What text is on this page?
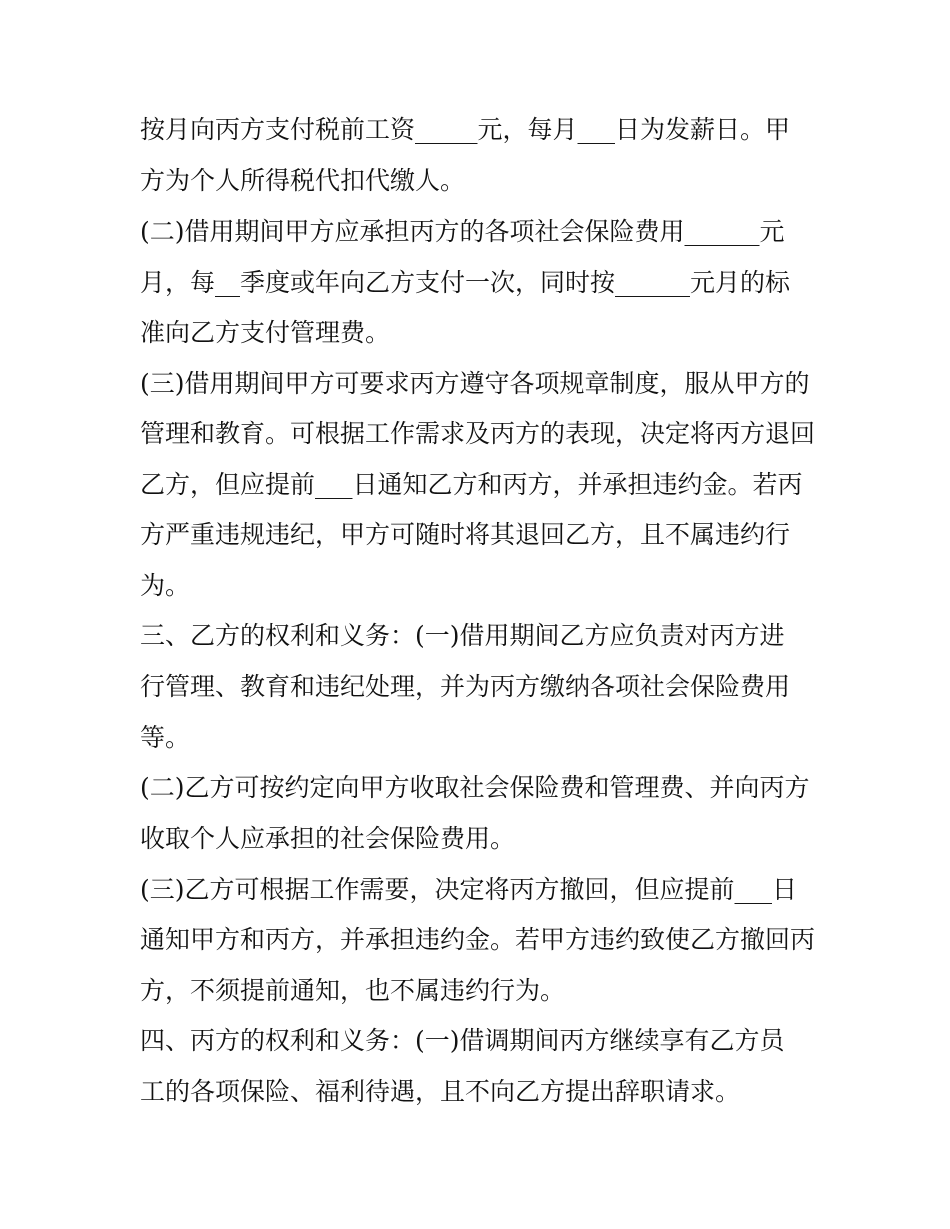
按月向丙方支付税前工资_____元，每月___日为发薪日。甲
方为个人所得税代扣代缴人。
(二)借用期间甲方应承担丙方的各项社会保险费用______元
月，每__季度或年向乙方支付一次，同时按______元月的标
准向乙方支付管理费。
(三)借用期间甲方可要求丙方遵守各项规章制度，服从甲方的
管理和教育。可根据工作需求及丙方的表现，决定将丙方退回
乙方，但应提前___日通知乙方和丙方，并承担违约金。若丙
方严重违规违纪，甲方可随时将其退回乙方，且不属违约行
为。
三、乙方的权利和义务：(一)借用期间乙方应负责对丙方进
行管理、教育和违纪处理，并为丙方缴纳各项社会保险费用
等。
(二)乙方可按约定向甲方收取社会保险费和管理费、并向丙方
收取个人应承担的社会保险费用。
(三)乙方可根据工作需要，决定将丙方撤回，但应提前___日
通知甲方和丙方，并承担违约金。若甲方违约致使乙方撤回丙
方，不须提前通知，也不属违约行为。
四、丙方的权利和义务：(一)借调期间丙方继续享有乙方员
工的各项保险、福利待遇，且不向乙方提出辞职请求。
